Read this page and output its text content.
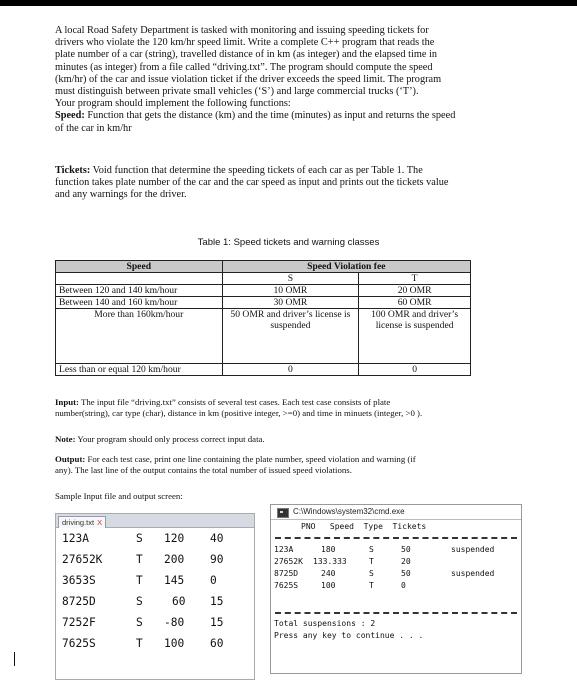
A local Road Safety Department is tasked with monitoring and issuing speeding tickets for
drivers who violate the 120 km/hr speed limit. Write a complete C++ program that reads the
plate number of a car (string), travelled distance of in km (as integer) and the elapsed time in
minutes (as integer) from a file called “driving.txt”. The program should compute the speed
(km/hr) of the car and issue violation ticket if the driver exceeds the speed limit. The program
must distinguish between private small vehicles (‘S’) and large commercial trucks (‘T’).
Your program should implement the following functions:
Speed: Function that gets the distance (km) and the time (minutes) as input and returns the speed
of the car in km/hr
Tickets: Void function that determine the speeding tickets of each car as per Table 1. The
function takes plate number of the car and the car speed as input and prints out the tickets value
and any warnings for the driver.
Table 1: Speed tickets and warning classes
Speed	Speed Violation fee	
	S	T
Between 120 and 140 km/hour	10 OMR	20 OMR
Between 140 and 160 km/hour	30 OMR	60 OMR
More than 160km/hour	50 OMR and driver’s license is suspended	100 OMR and driver’s license is suspended
Less than or equal 120 km/hour	0	0
Input: The input file “driving.txt” consists of several test cases. Each test case consists of plate
number(string), car type (char), distance in km (positive integer, >=0) and time in minuets (integer, >0 ).
Note: Your program should only process correct input data.
Output: For each test case, print one line containing the plate number, speed violation and warning (if
any). The last line of the output contains the total number of issued speed violations.
Sample Input file and output screen:
driving.txt X
123A	S 120 40
27652K	T 200 90
3653S	T 145 0
8725D	S	60 15
7252F	S -80 15
7625S	T 100 60
C:\Windows\system32\cmd.exe
PNO   Speed  Type  Tickets
123A	180	S	50	suspended
27652K 133.333	T	20
8725D	240	S	50	suspended
7625S	100	T	0
Total suspensions : 2
Press any key to continue . . .
